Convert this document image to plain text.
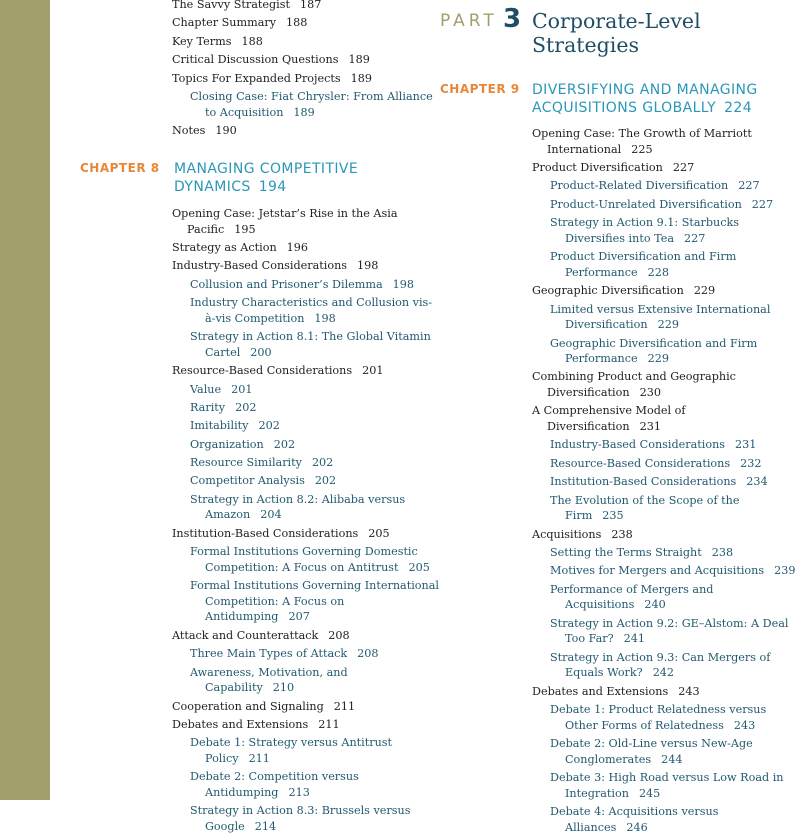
The Savvy Strategist 187
Chapter Summary 188
Key Terms 188
Critical Discussion Questions 189
Topics For Expanded Projects 189
Closing Case: Fiat Chrysler: From Alliance to Acquisition 189
Notes 190
CHAPTER 8 MANAGING COMPETITIVE DYNAMICS 194
Opening Case: Jetstar’s Rise in the Asia Pacific 195
Strategy as Action 196
Industry-Based Considerations 198
Collusion and Prisoner’s Dilemma 198
Industry Characteristics and Collusion vis-à-vis Competition 198
Strategy in Action 8.1: The Global Vitamin Cartel 200
Resource-Based Considerations 201
Value 201
Rarity 202
Imitability 202
Organization 202
Resource Similarity 202
Competitor Analysis 202
Strategy in Action 8.2: Alibaba versus Amazon 204
Institution-Based Considerations 205
Formal Institutions Governing Domestic Competition: A Focus on Antitrust 205
Formal Institutions Governing International Competition: A Focus on Antidumping 207
Attack and Counterattack 208
Three Main Types of Attack 208
Awareness, Motivation, and Capability 210
Cooperation and Signaling 211
Debates and Extensions 211
Debate 1: Strategy versus Antitrust Policy 211
Debate 2: Competition versus Antidumping 213
Strategy in Action 8.3: Brussels versus Google 214
PART 3 Corporate-Level Strategies
CHAPTER 9 DIVERSIFYING AND MANAGING ACQUISITIONS GLOBALLY 224
Opening Case: The Growth of Marriott International 225
Product Diversification 227
Product-Related Diversification 227
Product-Unrelated Diversification 227
Strategy in Action 9.1: Starbucks Diversifies into Tea 227
Product Diversification and Firm Performance 228
Geographic Diversification 229
Limited versus Extensive International Diversification 229
Geographic Diversification and Firm Performance 229
Combining Product and Geographic Diversification 230
A Comprehensive Model of Diversification 231
Industry-Based Considerations 231
Resource-Based Considerations 232
Institution-Based Considerations 234
The Evolution of the Scope of the Firm 235
Acquisitions 238
Setting the Terms Straight 238
Motives for Mergers and Acquisitions 239
Performance of Mergers and Acquisitions 240
Strategy in Action 9.2: GE–Alstom: A Deal Too Far? 241
Strategy in Action 9.3: Can Mergers of Equals Work? 242
Debates and Extensions 243
Debate 1: Product Relatedness versus Other Forms of Relatedness 243
Debate 2: Old-Line versus New-Age Conglomerates 244
Debate 3: High Road versus Low Road in Integration 245
Debate 4: Acquisitions versus Alliances 246
